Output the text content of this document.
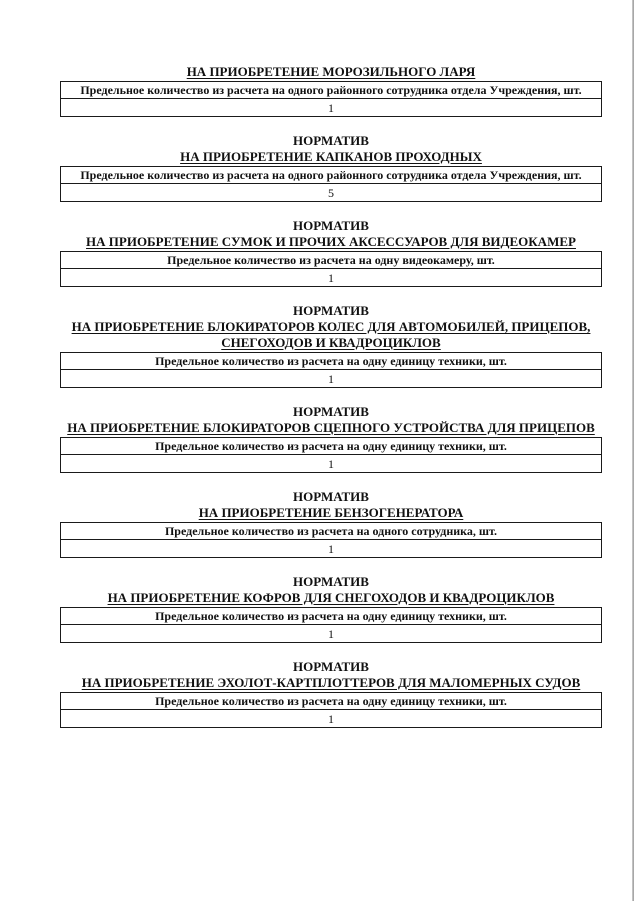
НА ПРИОБРЕТЕНИЕ МОРОЗИЛЬНОГО ЛАРЯ
Предельное количество из расчета на одного районного сотрудника отдела Учреждения, шт.
1
НОРМАТИВ
НА ПРИОБРЕТЕНИЕ КАПКАНОВ ПРОХОДНЫХ
Предельное количество из расчета на одного районного сотрудника отдела Учреждения, шт.
5
НОРМАТИВ
НА ПРИОБРЕТЕНИЕ СУМОК И ПРОЧИХ АКСЕССУАРОВ ДЛЯ ВИДЕОКАМЕР
Предельное количество из расчета на одну видеокамеру, шт.
1
НОРМАТИВ
НА ПРИОБРЕТЕНИЕ БЛОКИРАТОРОВ КОЛЕС ДЛЯ АВТОМОБИЛЕЙ, ПРИЦЕПОВ, СНЕГОХОДОВ И КВАДРОЦИКЛОВ
Предельное количество из расчета на одну единицу техники, шт.
1
НОРМАТИВ
НА ПРИОБРЕТЕНИЕ БЛОКИРАТОРОВ СЦЕПНОГО УСТРОЙСТВА ДЛЯ ПРИЦЕПОВ
Предельное количество из расчета на одну единицу техники, шт.
1
НОРМАТИВ
НА ПРИОБРЕТЕНИЕ БЕНЗОГЕНЕРАТОРА
Предельное количество из расчета на одного сотрудника, шт.
1
НОРМАТИВ
НА ПРИОБРЕТЕНИЕ КОФРОВ ДЛЯ СНЕГОХОДОВ И КВАДРОЦИКЛОВ
Предельное количество из расчета на одну единицу техники, шт.
1
НОРМАТИВ
НА ПРИОБРЕТЕНИЕ ЭХОЛОТ-КАРТПЛОТТЕРОВ ДЛЯ МАЛОМЕРНЫХ СУДОВ
Предельное количество из расчета на одну единицу техники, шт.
1
